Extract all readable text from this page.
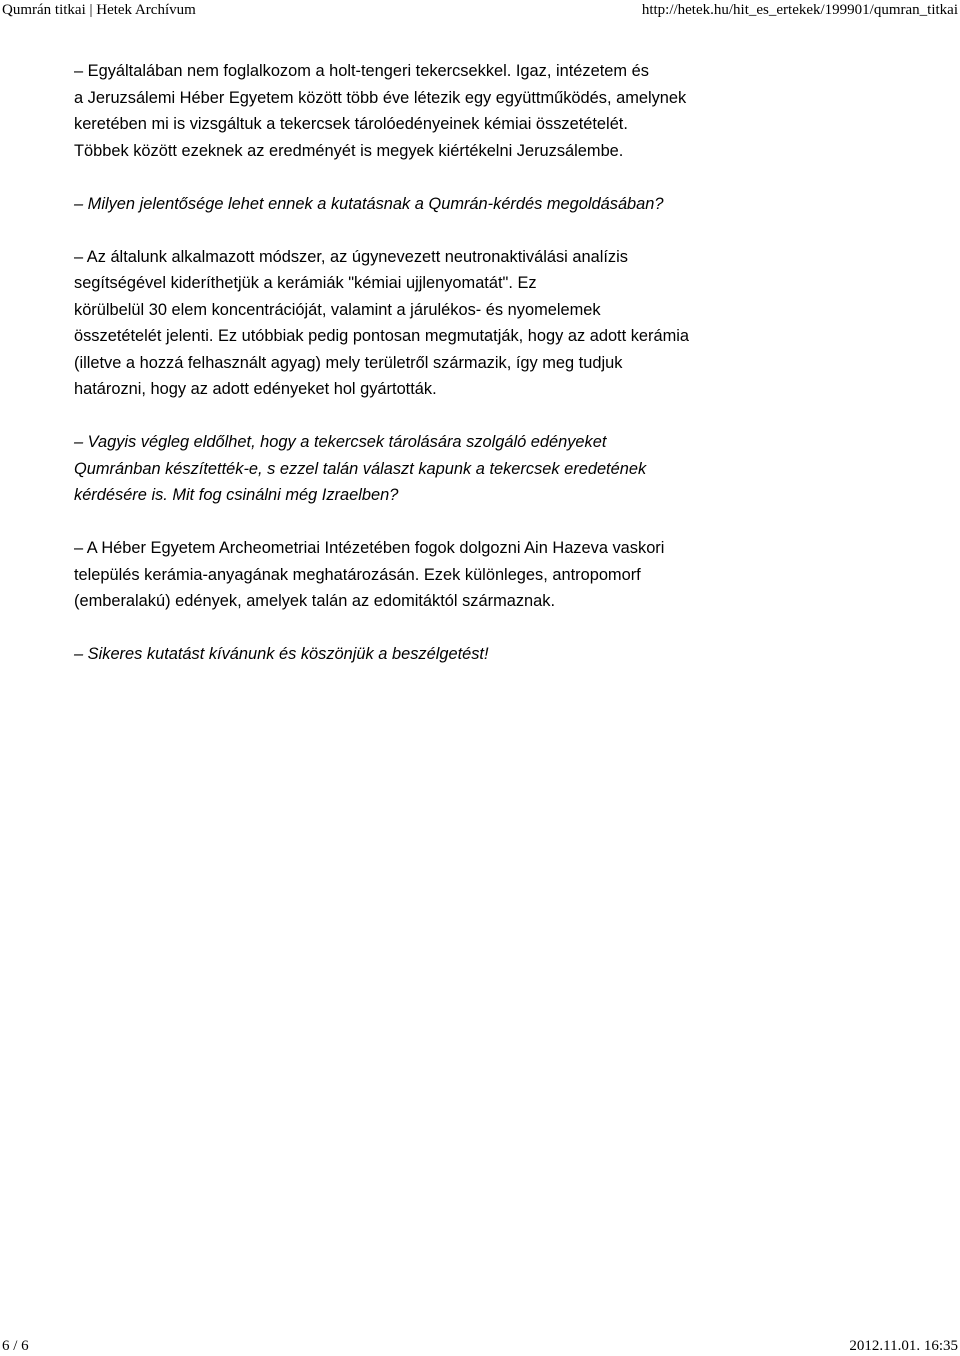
Qumrán titkai | Hetek Archívum	http://hetek.hu/hit_es_ertekek/199901/qumran_titkai

– Egyáltalában nem foglalkozom a holt-tengeri tekercsekkel. Igaz, intézetem és
a Jeruzsálemi Héber Egyetem között több éve létezik egy együttműködés, amelynek
keretében mi is vizsgáltuk a tekercsek tárolóedényeinek kémiai összetételét.
Többek között ezeknek az eredményét is megyek kiértékelni Jeruzsálembe.

– Milyen jelentősége lehet ennek a kutatásnak a Qumrán-kérdés megoldásában?

– Az általunk alkalmazott módszer, az úgynevezett neutronaktiválási analízis
segítségével kideríthetjük a kerámiák "kémiai ujjlenyomatát". Ez
körülbelül 30 elem koncentrációját, valamint a járulékos- és nyomelemek
összetételét jelenti. Ez utóbbiak pedig pontosan megmutatják, hogy az adott kerámia
(illetve a hozzá felhasznált agyag) mely területről származik, így meg tudjuk
határozni, hogy az adott edényeket hol gyártották.

– Vagyis végleg eldőlhet, hogy a tekercsek tárolására szolgáló edényeket
Qumránban készítették-e, s ezzel talán választ kapunk a tekercsek eredetének
kérdésére is. Mit fog csinálni még Izraelben?

– A Héber Egyetem Archeometriai Intézetében fogok dolgozni Ain Hazeva vaskori
település kerámia-anyagának meghatározásán. Ezek különleges, antropomorf
(emberalakú) edények, amelyek talán az edomitáktól származnak.

– Sikeres kutatást kívánunk és köszönjük a beszélgetést!

6 / 6	2012.11.01. 16:35
